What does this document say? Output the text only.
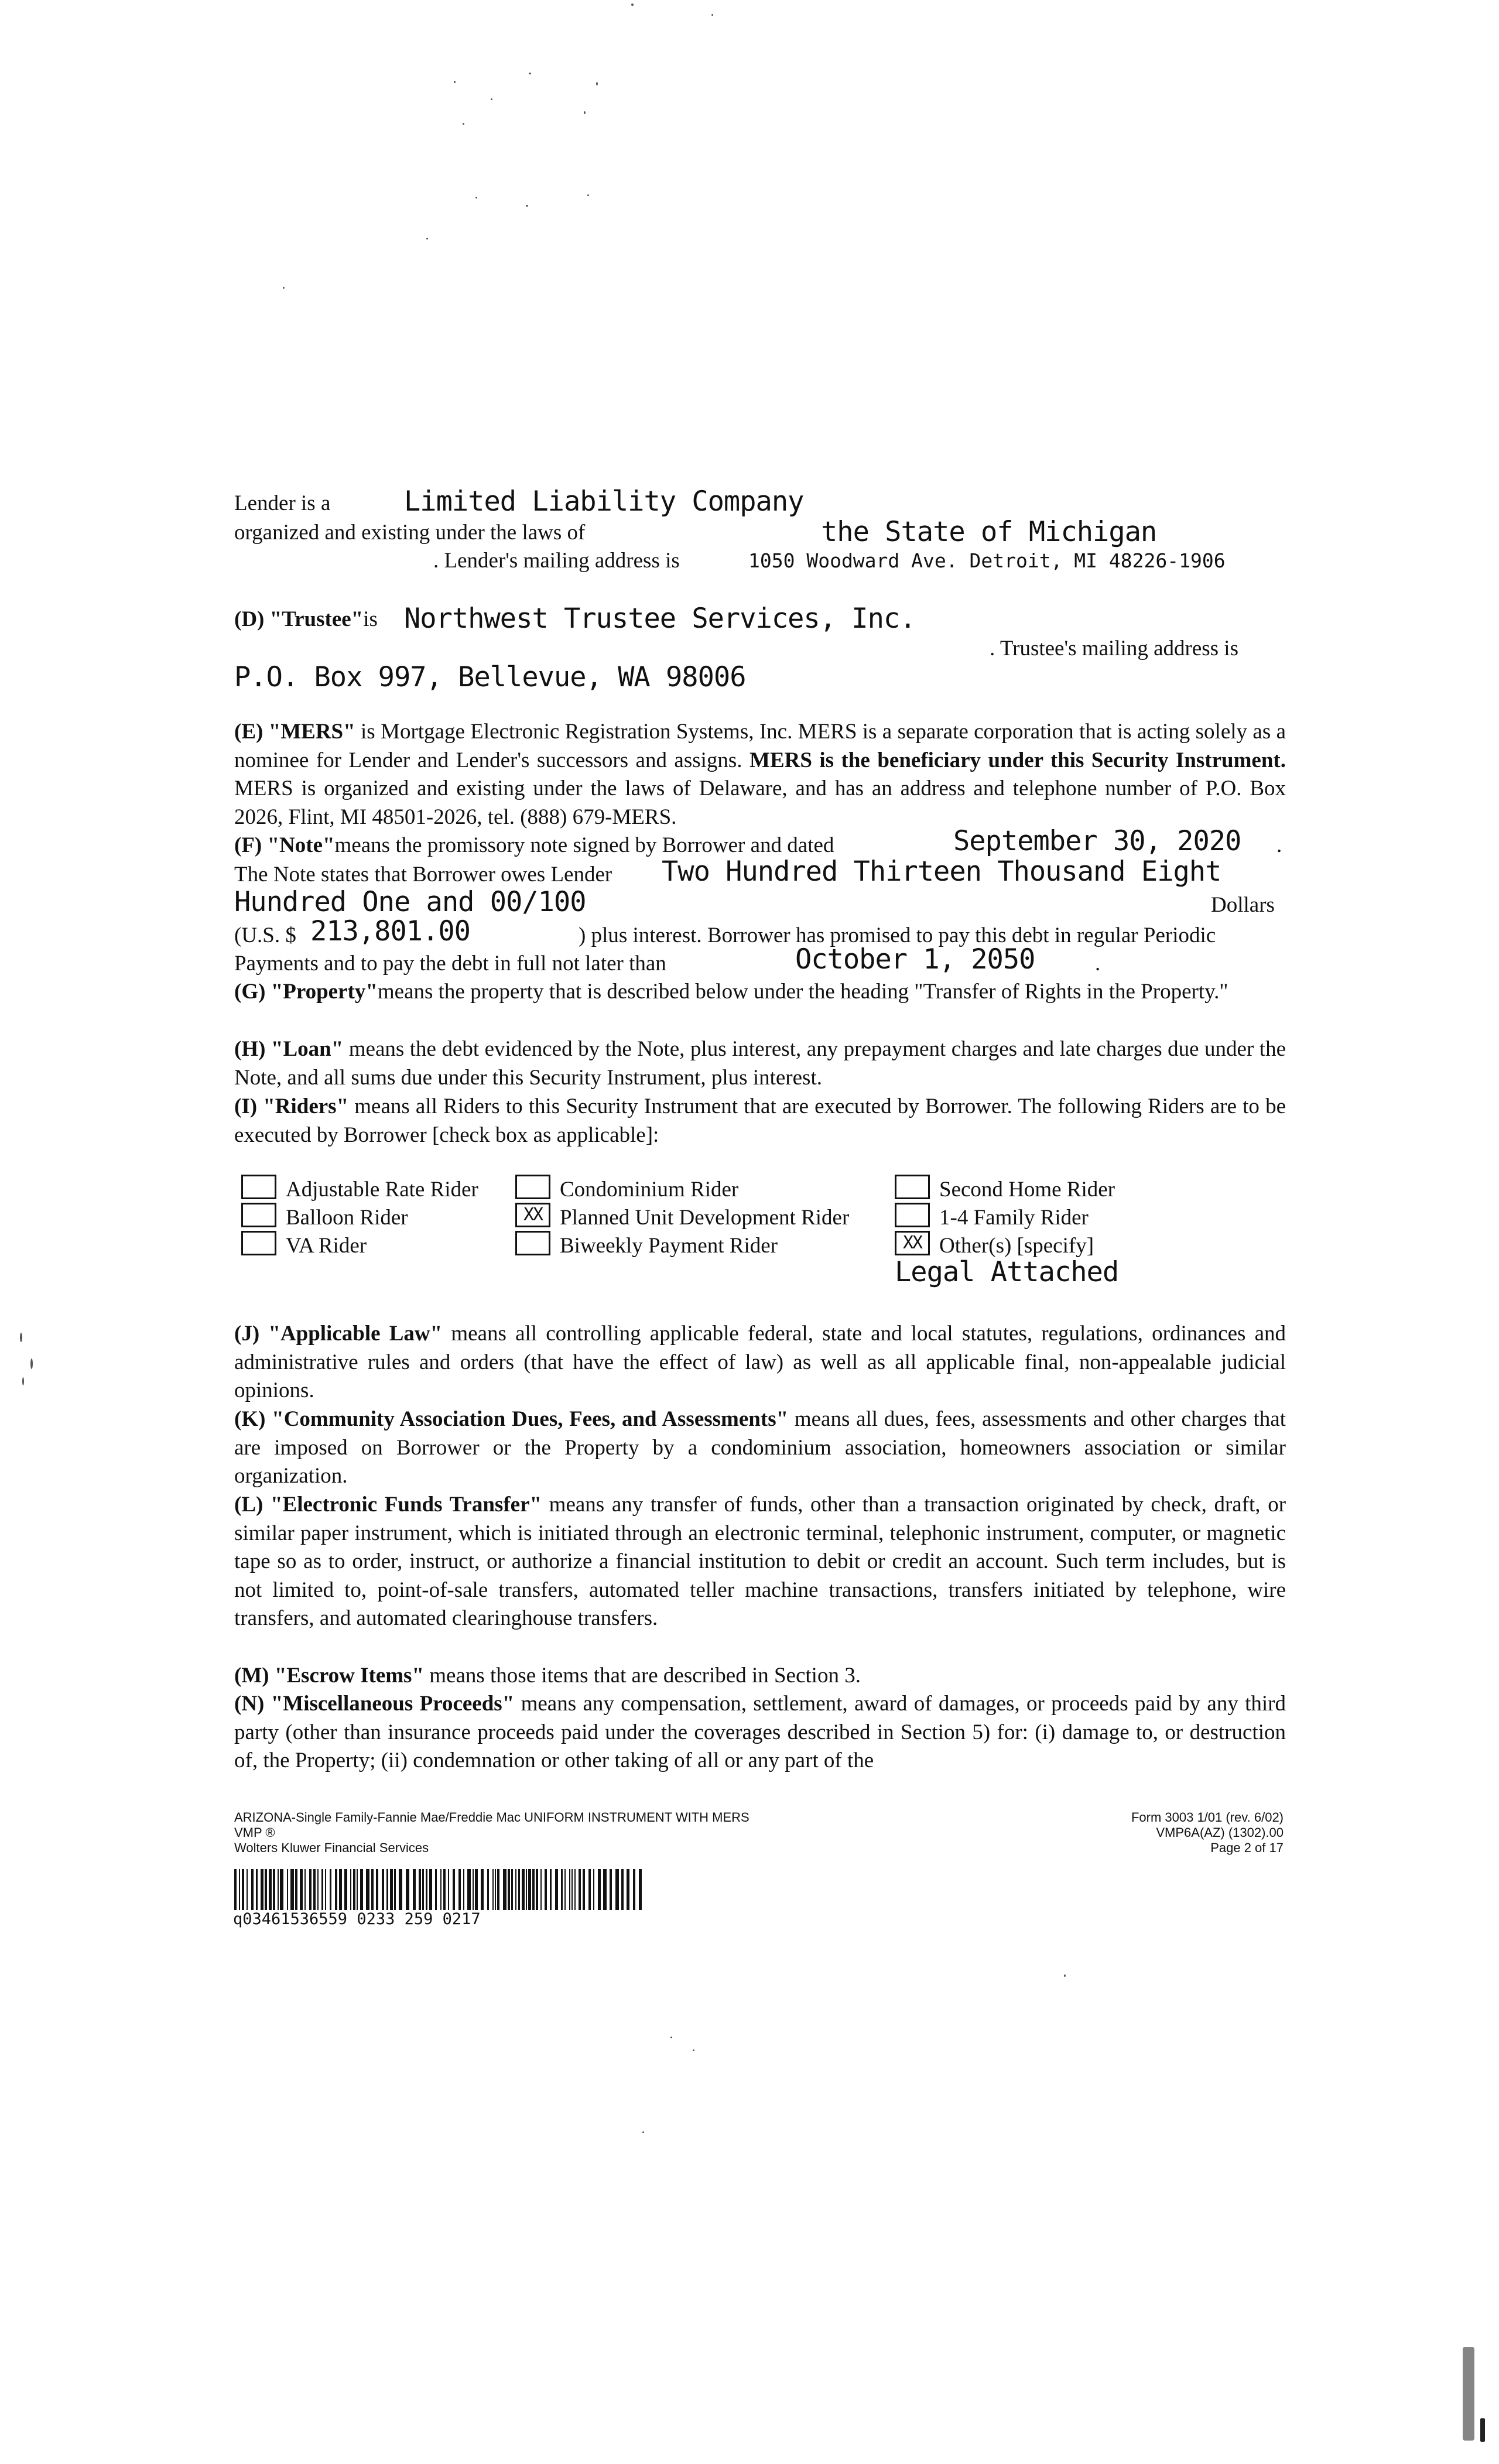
Lender is a	Limited Liability Company
organized and existing under the laws of	the State of Michigan
. Lender's mailing address is	1050 Woodward Ave. Detroit, MI 48226-1906
(D) "Trustee"is Northwest Trustee Services, Inc.
. Trustee's mailing address is
P.O. Box 997, Bellevue, WA 98006
(E) "MERS" is Mortgage Electronic Registration Systems, Inc. MERS is a separate corporation that is acting solely as a nominee for Lender and Lender's successors and assigns. MERS is the beneficiary under this Security Instrument. MERS is organized and existing under the laws of Delaware, and has an address and telephone number of P.O. Box 2026, Flint, MI 48501-2026, tel. (888) 679-MERS.
(F) "Note"means the promissory note signed by Borrower and dated	September 30, 2020 .
The Note states that Borrower owes Lender Two Hundred Thirteen Thousand Eight
Hundred One and 00/100	Dollars
(U.S. $ 213,801.00	) plus interest. Borrower has promised to pay this debt in regular Periodic
Payments and to pay the debt in full not later than	October 1, 2050	.
(G) "Property"means the property that is described below under the heading "Transfer of Rights in the Property."
(H) "Loan" means the debt evidenced by the Note, plus interest, any prepayment charges and late charges due under the Note, and all sums due under this Security Instrument, plus interest.
(I) "Riders" means all Riders to this Security Instrument that are executed by Borrower. The following Riders are to be executed by Borrower [check box as applicable]:
Adjustable Rate Rider	Condominium Rider	Second Home Rider
Balloon Rider	XX Planned Unit Development Rider	1-4 Family Rider
VA Rider	Biweekly Payment Rider	XX Other(s) [specify]
Legal Attached
(J) "Applicable Law" means all controlling applicable federal, state and local statutes, regulations, ordinances and administrative rules and orders (that have the effect of law) as well as all applicable final, non-appealable judicial opinions.
(K) "Community Association Dues, Fees, and Assessments" means all dues, fees, assessments and other charges that are imposed on Borrower or the Property by a condominium association, homeowners association or similar organization.
(L) "Electronic Funds Transfer" means any transfer of funds, other than a transaction originated by check, draft, or similar paper instrument, which is initiated through an electronic terminal, telephonic instrument, computer, or magnetic tape so as to order, instruct, or authorize a financial institution to debit or credit an account. Such term includes, but is not limited to, point-of-sale transfers, automated teller machine transactions, transfers initiated by telephone, wire transfers, and automated clearinghouse transfers.
(M) "Escrow Items" means those items that are described in Section 3.
(N) "Miscellaneous Proceeds" means any compensation, settlement, award of damages, or proceeds paid by any third party (other than insurance proceeds paid under the coverages described in Section 5) for: (i) damage to, or destruction of, the Property; (ii) condemnation or other taking of all or any part of the
ARIZONA-Single Family-Fannie Mae/Freddie Mac UNIFORM INSTRUMENT WITH MERS
VMP ®
Wolters Kluwer Financial Services
Form 3003 1/01 (rev. 6/02)
VMP6A(AZ) (1302).00
Page 2 of 17
q03461536559 0233 259 0217
